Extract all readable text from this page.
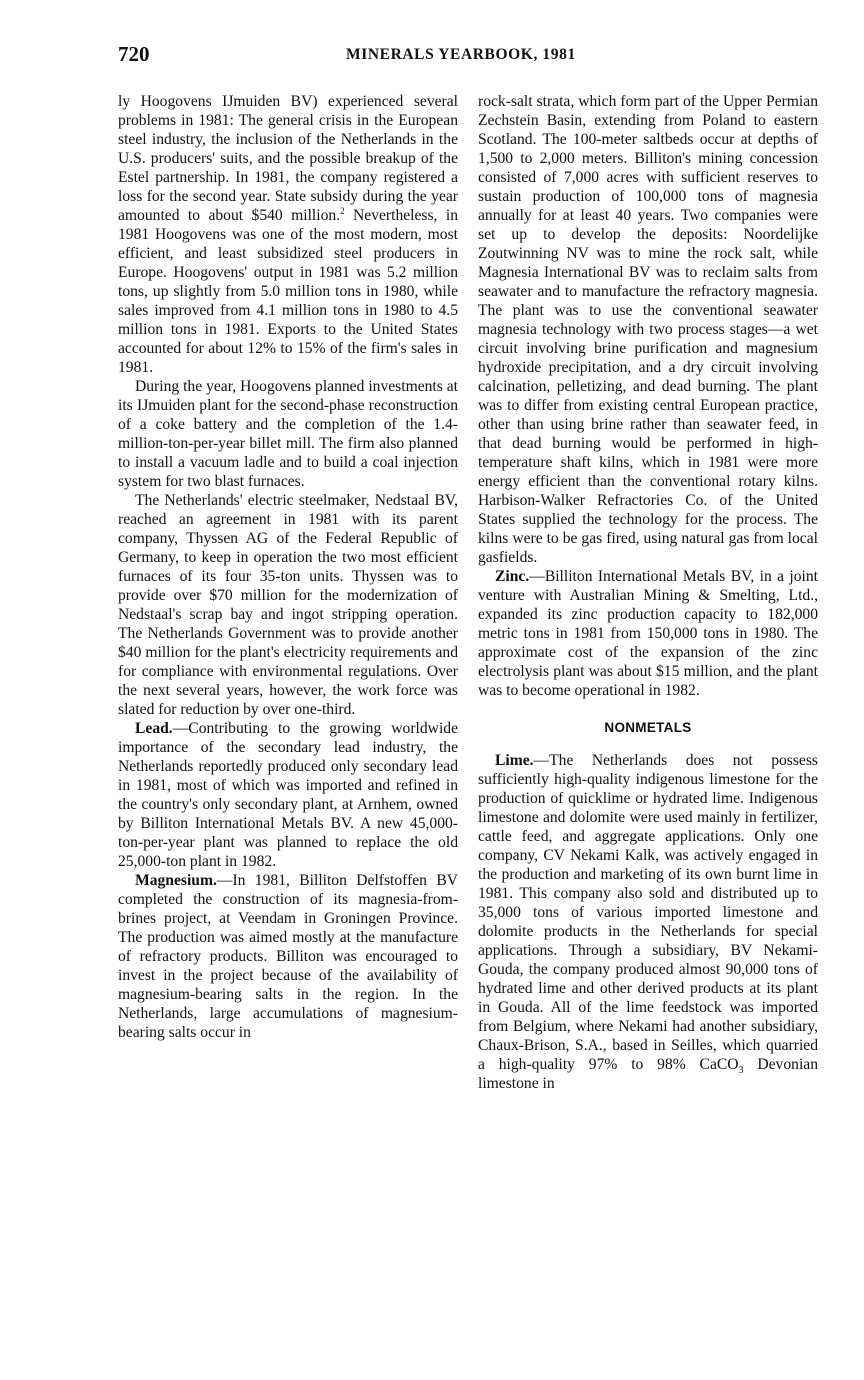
720	MINERALS YEARBOOK, 1981

ly Hoogovens IJmuiden BV) experienced several problems in 1981: The general crisis in the European steel industry, the inclusion of the Netherlands in the U.S. producers' suits, and the possible breakup of the Estel partnership. In 1981, the company registered a loss for the second year. State subsidy during the year amounted to about $540 million.$^2$ Nevertheless, in 1981 Hoogovens was one of the most modern, most efficient, and least subsidized steel producers in Europe. Hoogovens' output in 1981 was 5.2 million tons, up slightly from 5.0 million tons in 1980, while sales improved from 4.1 million tons in 1980 to 4.5 million tons in 1981. Exports to the United States accounted for about 12% to 15% of the firm's sales in 1981.

During the year, Hoogovens planned investments at its IJmuiden plant for the second-phase reconstruction of a coke battery and the completion of the 1.4-million-ton-per-year billet mill. The firm also planned to install a vacuum ladle and to build a coal injection system for two blast furnaces.

The Netherlands' electric steelmaker, Nedstaal BV, reached an agreement in 1981 with its parent company, Thyssen AG of the Federal Republic of Germany, to keep in operation the two most efficient furnaces of its four 35-ton units. Thyssen was to provide over $70 million for the modernization of Nedstaal's scrap bay and ingot stripping operation. The Netherlands Government was to provide another $40 million for the plant's electricity requirements and for compliance with environmental regulations. Over the next several years, however, the work force was slated for reduction by over one-third.

Lead.—Contributing to the growing worldwide importance of the secondary lead industry, the Netherlands reportedly produced only secondary lead in 1981, most of which was imported and refined in the country's only secondary plant, at Arnhem, owned by Billiton International Metals BV. A new 45,000-ton-per-year plant was planned to replace the old 25,000-ton plant in 1982.

Magnesium.—In 1981, Billiton Delfstoffen BV completed the construction of its magnesia-from-brines project, at Veendam in Groningen Province. The production was aimed mostly at the manufacture of refractory products. Billiton was encouraged to invest in the project because of the availability of magnesium-bearing salts in the region. In the Netherlands, large accumulations of magnesium-bearing salts occur in

rock-salt strata, which form part of the Upper Permian Zechstein Basin, extending from Poland to eastern Scotland. The 100-meter saltbeds occur at depths of 1,500 to 2,000 meters. Billiton's mining concession consisted of 7,000 acres with sufficient reserves to sustain production of 100,000 tons of magnesia annually for at least 40 years. Two companies were set up to develop the deposits: Noordelijke Zoutwinning NV was to mine the rock salt, while Magnesia International BV was to reclaim salts from seawater and to manufacture the refractory magnesia. The plant was to use the conventional seawater magnesia technology with two process stages—a wet circuit involving brine purification and magnesium hydroxide precipitation, and a dry circuit involving calcination, pelletizing, and dead burning. The plant was to differ from existing central European practice, other than using brine rather than seawater feed, in that dead burning would be performed in high-temperature shaft kilns, which in 1981 were more energy efficient than the conventional rotary kilns. Harbison-Walker Refractories Co. of the United States supplied the technology for the process. The kilns were to be gas fired, using natural gas from local gasfields.

Zinc.—Billiton International Metals BV, in a joint venture with Australian Mining & Smelting, Ltd., expanded its zinc production capacity to 182,000 metric tons in 1981 from 150,000 tons in 1980. The approximate cost of the expansion of the zinc electrolysis plant was about $15 million, and the plant was to become operational in 1982.

NONMETALS

Lime.—The Netherlands does not possess sufficiently high-quality indigenous limestone for the production of quicklime or hydrated lime. Indigenous limestone and dolomite were used mainly in fertilizer, cattle feed, and aggregate applications. Only one company, CV Nekami Kalk, was actively engaged in the production and marketing of its own burnt lime in 1981. This company also sold and distributed up to 35,000 tons of various imported limestone and dolomite products in the Netherlands for special applications. Through a subsidiary, BV Nekami-Gouda, the company produced almost 90,000 tons of hydrated lime and other derived products at its plant in Gouda. All of the lime feedstock was imported from Belgium, where Nekami had another subsidiary, Chaux-Brison, S.A., based in Seilles, which quarried a high-quality 97% to 98% CaCO$_3$ Devonian limestone in
